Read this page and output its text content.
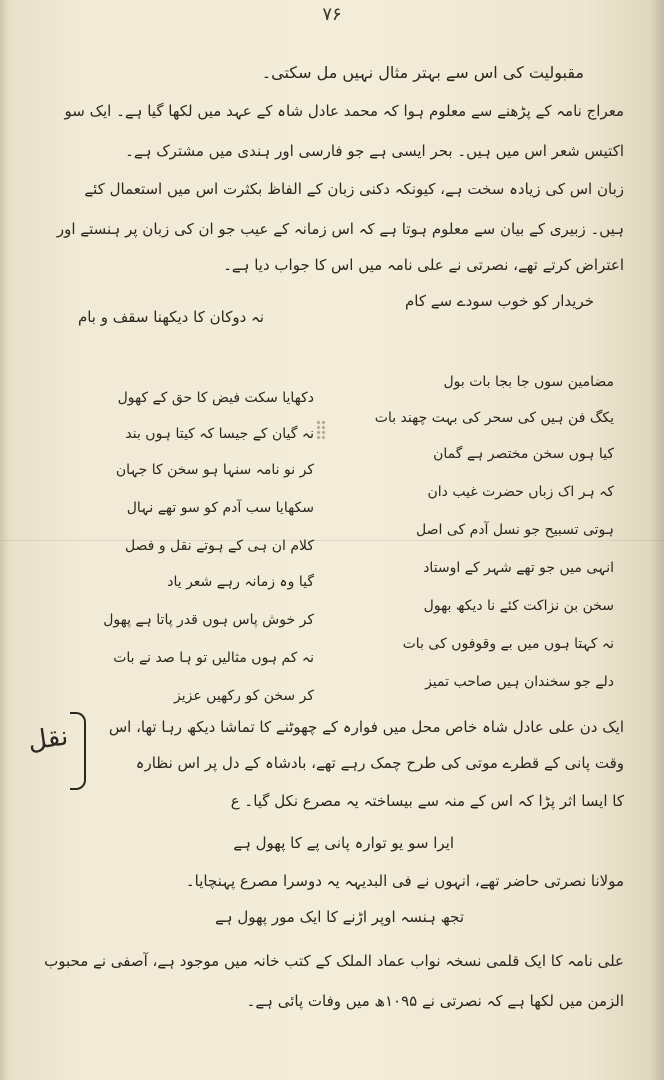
۷۶
مقبولیت کی اس سے بہتر مثال نہیں مل سکتی۔
معراج نامہ کے پڑھنے سے معلوم ہوا کہ محمد عادل شاہ کے عہد میں لکھا گیا ہے۔ ایک سو
اکتیس شعر اس میں ہیں۔ بحر ایسی ہے جو فارسی اور ہندی میں مشترک ہے۔
زبان اس کی زیادہ سخت ہے، کیونکہ دکنی زبان کے الفاظ بکثرت اس میں استعمال کئے
ہیں۔ زبیری کے بیان سے معلوم ہوتا ہے کہ اس زمانہ کے عیب جو ان کی زبان پر ہنستے اور
اعتراض کرتے تھے، نصرتی نے علی نامہ میں اس کا جواب دیا ہے۔
خریدار کو خوب سودے سے کام
نہ دوکان کا دیکھنا سقف و بام
مضامین سوں جا بجا بات بول
یکگ فن ہیں کی سحر کی بہت چھند بات
کیا ہوں سخن مختصر ہے گمان
کہ ہر اک زباں حضرت غیب دان
ہوتی تسبیح جو نسل آدم کی اصل
انہی میں جو تھے شہر کے اوستاد
سخن بن نزاکت کئے نا دیکھ بھول
نہ کہتا ہوں میں بے وقوفوں کی بات
دلے جو سخندان ہیں صاحب تمیز
دکھایا سکت فیض کا حق کے کھول
نہ گیان کے جیسا کہ کیتا ہوں بند
کر نو نامہ سنہا ہو سخن کا جہان
سکھایا سب آدم کو سو تھے نہال
کلام ان ہی کے ہوتے نقل و فصل
گیا وہ زمانہ رہے شعر یاد
کر خوش پاس ہوں قدر پاتا ہے پھول
نہ کم ہوں مثالیں تو ہا صد نے بات
کر سخن کو رکھیں عزیز
نقل	ایک دن علی عادل شاہ خاص محل میں فوارہ کے چھوٹنے کا تماشا دیکھ رہا تھا، اس
وقت پانی کے قطرے موتی کی طرح چمک رہے تھے، بادشاہ کے دل پر اس نظارہ
کا ایسا اثر پڑا کہ اس کے منہ سے بیساختہ یہ مصرع نکل گیا۔ ع
ایرا سو یو توارہ پانی پے کا پھول ہے
مولانا نصرتی حاضر تھے، انہوں نے فی البدیہہ یہ دوسرا مصرع پہنچایا۔
تجھ ہنسہ اوپر اڑنے کا ایک مور پھول ہے
علی نامہ کا ایک قلمی نسخہ نواب عماد الملک کے کتب خانہ میں موجود ہے، آصفی نے محبوب
الزمن میں لکھا ہے کہ نصرتی نے ۱۰۹۵ھ میں وفات پائی ہے۔
